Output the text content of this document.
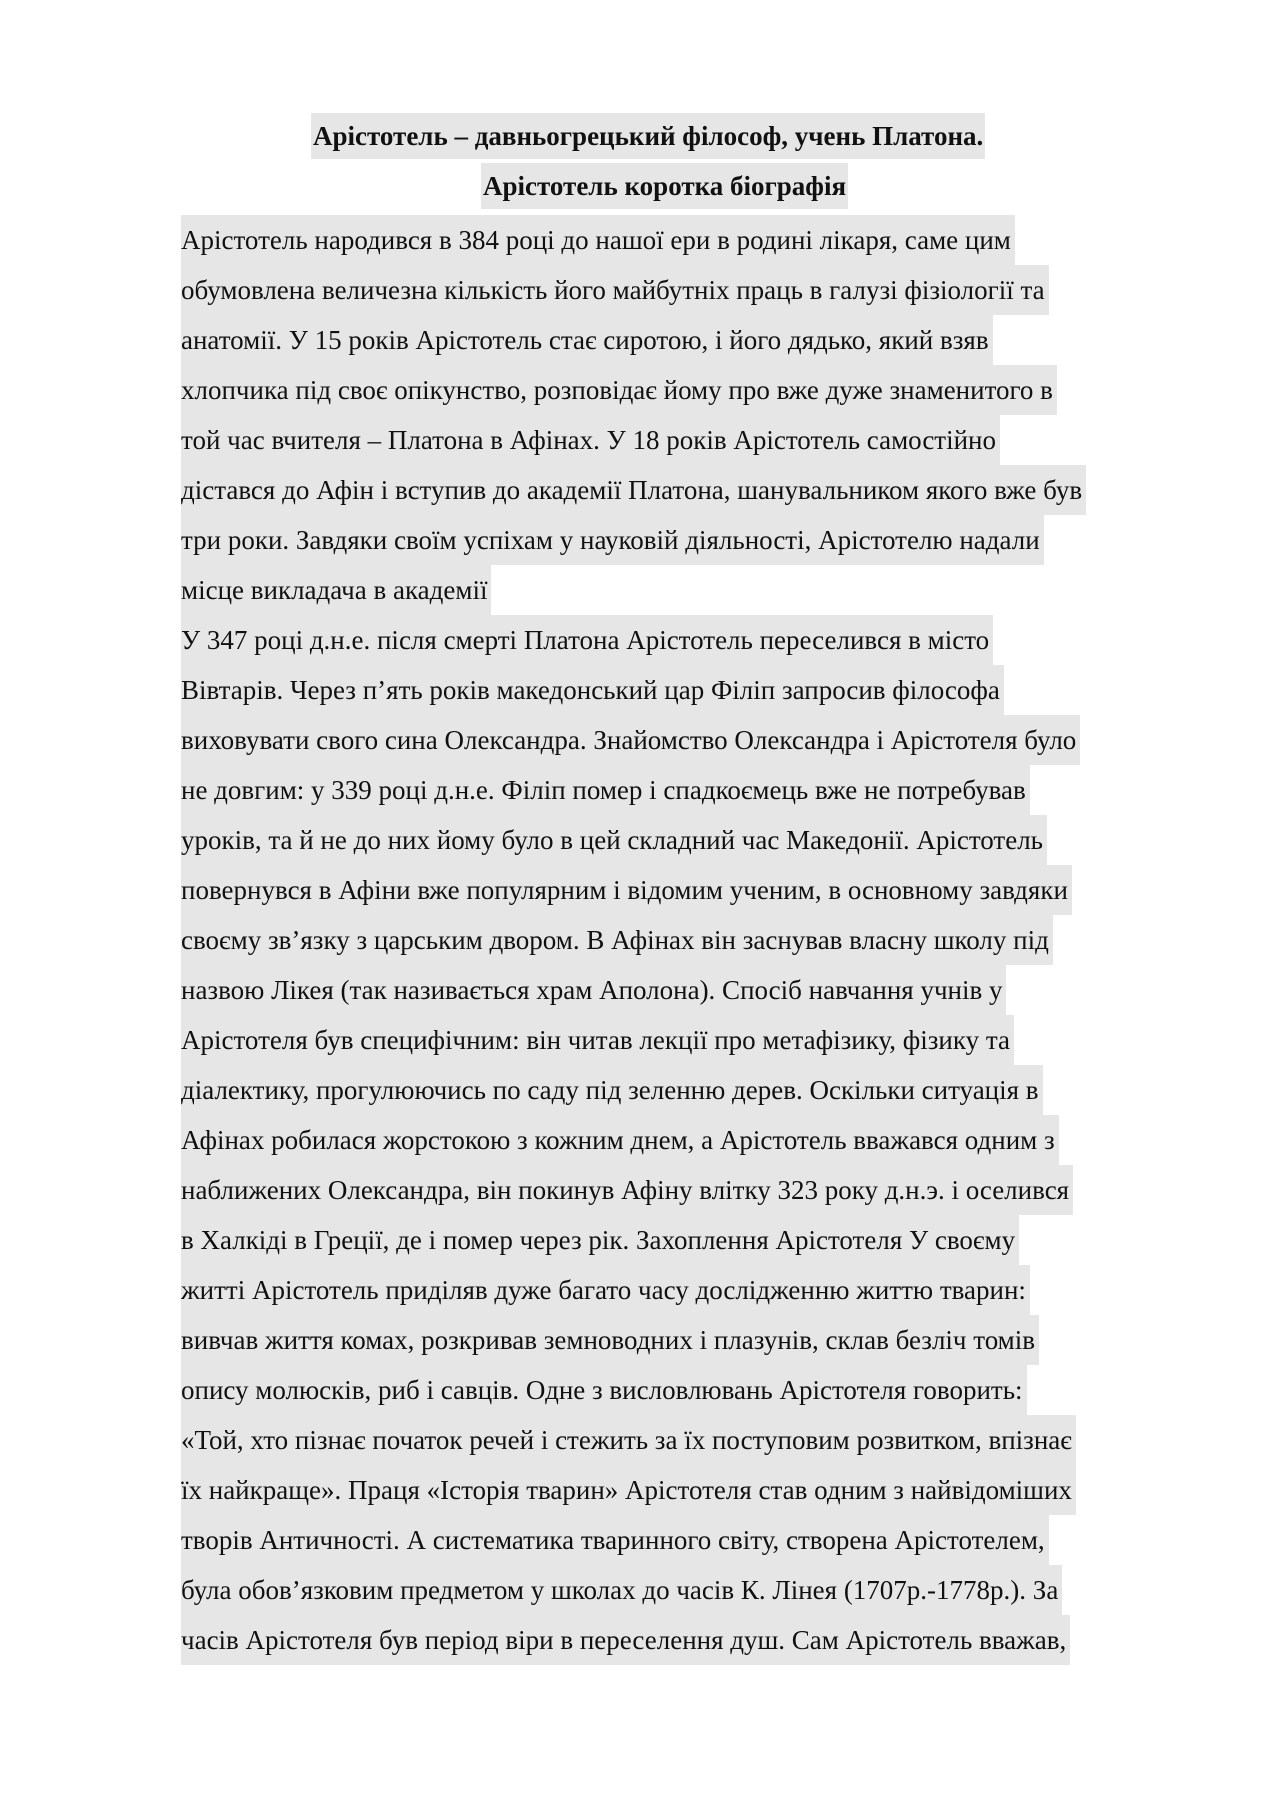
Арістотель – давньогрецький філософ, учень Платона.
Арістотель коротка біографія
Арістотель народився в 384 році до нашої ери в родині лікаря, саме цим
обумовлена величезна кількість його майбутніх праць в галузі фізіології та
анатомії. У 15 років Арістотель стає сиротою, і його дядько, який взяв
хлопчика під своє опікунство, розповідає йому про вже дуже знаменитого в
той час вчителя – Платона в Афінах. У 18 років Арістотель самостійно
дістався до Афін і вступив до академії Платона, шанувальником якого вже був
три роки. Завдяки своїм успіхам у науковій діяльності, Арістотелю надали
місце викладача в академії
У 347 році д.н.е. після смерті Платона Арістотель переселився в місто
Вівтарів. Через п’ять років македонський цар Філіп запросив філософа
виховувати свого сина Олександра. Знайомство Олександра і Арістотеля було
не довгим: у 339 році д.н.е. Філіп помер і спадкоємець вже не потребував
уроків, та й не до них йому було в цей складний час Македонії. Арістотель
повернувся в Афіни вже популярним і відомим ученим, в основному завдяки
своєму зв’язку з царським двором. В Афінах він заснував власну школу під
назвою Лікея (так називається храм Аполона). Спосіб навчання учнів у
Арістотеля був специфічним: він читав лекції про метафізику, фізику та
діалектику, прогулюючись по саду під зеленню дерев. Оскільки ситуація в
Афінах робилася жорстокою з кожним днем, а Арістотель вважався одним з
наближених Олександра, він покинув Афіну влітку 323 року д.н.э. і оселився
в Халкіді в Греції, де і помер через рік. Захоплення Арістотеля У своєму
житті Арістотель приділяв дуже багато часу дослідженню життю тварин:
вивчав життя комах, розкривав земноводних і плазунів, склав безліч томів
опису молюсків, риб і савців. Одне з висловлювань Арістотеля говорить:
«Той, хто пізнає початок речей і стежить за їх поступовим розвитком, впізнає
їх найкраще». Праця «Історія тварин» Арістотеля став одним з найвідоміших
творів Античності. А систематика тваринного світу, створена Арістотелем,
була обов’язковим предметом у школах до часів К. Лінея (1707р.-1778р.). За
часів Арістотеля був період віри в переселення душ. Сам Арістотель вважав,
